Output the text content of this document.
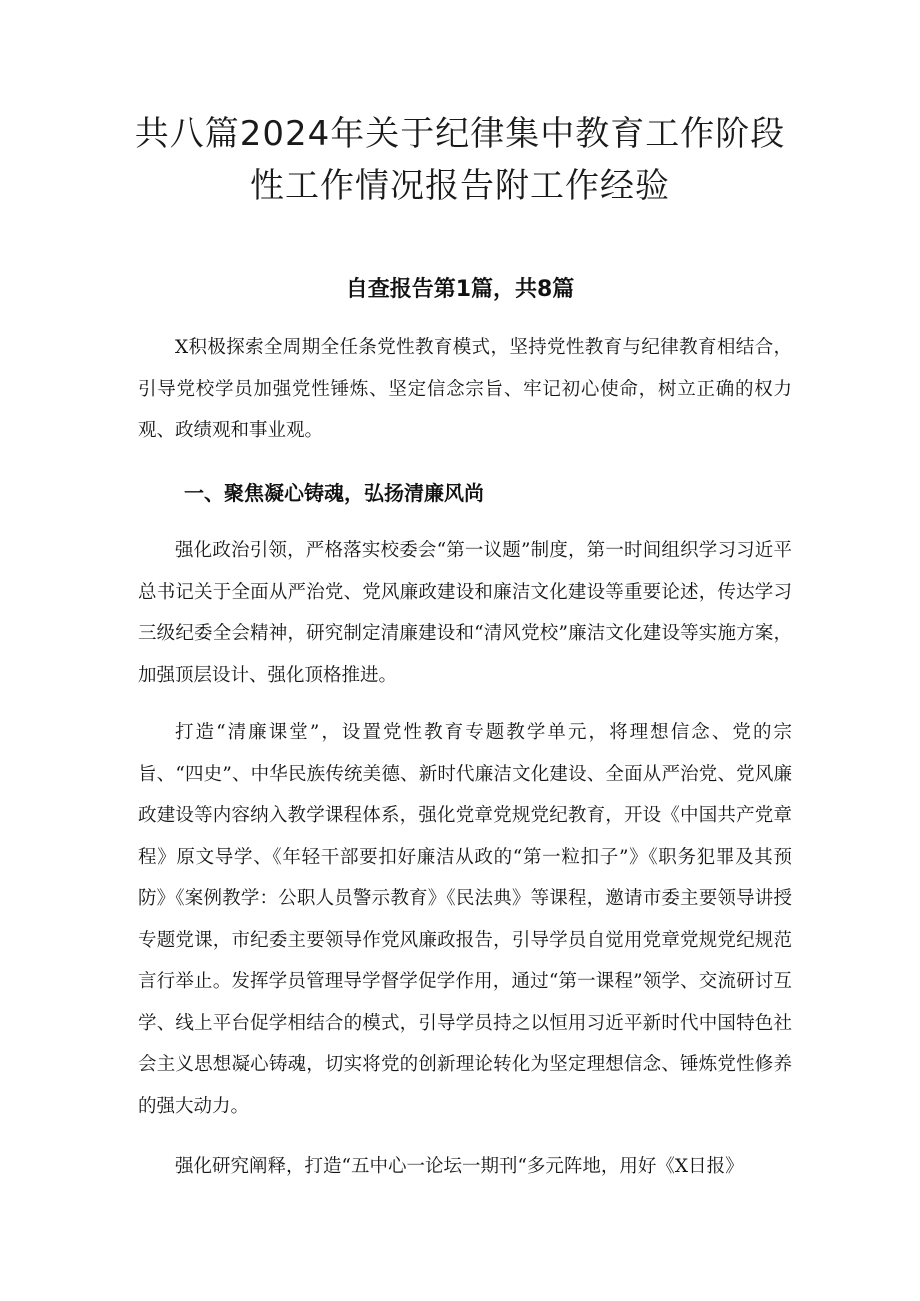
共八篇2024年关于纪律集中教育工作阶段性工作情况报告附工作经验
自查报告第1篇，共8篇

X积极探索全周期全任条党性教育模式，坚持党性教育与纪律教育相结合，引导党校学员加强党性锤炼、坚定信念宗旨、牢记初心使命，树立正确的权力观、政绩观和事业观。

一、聚焦凝心铸魂，弘扬清廉风尚

强化政治引领，严格落实校委会“第一议题”制度，第一时间组织学习习近平总书记关于全面从严治党、党风廉政建设和廉洁文化建设等重要论述，传达学习三级纪委全会精神，研究制定清廉建设和“清风党校”廉洁文化建设等实施方案，加强顶层设计、强化顶格推进。

打造“清廉课堂”，设置党性教育专题教学单元，将理想信念、党的宗旨、“四史”、中华民族传统美德、新时代廉洁文化建设、全面从严治党、党风廉政建设等内容纳入教学课程体系，强化党章党规党纪教育，开设《中国共产党章程》原文导学、《年轻干部要扣好廉洁从政的“第一粒扣子”》《职务犯罪及其预防》《案例教学：公职人员警示教育》《民法典》等课程，邀请市委主要领导讲授专题党课，市纪委主要领导作党风廉政报告，引导学员自觉用党章党规党纪规范言行举止。发挥学员管理导学督学促学作用，通过“第一课程”领学、交流研讨互学、线上平台促学相结合的模式，引导学员持之以恒用习近平新时代中国特色社会主义思想凝心铸魂，切实将党的创新理论转化为坚定理想信念、锤炼党性修养的强大动力。

强化研究阐释，打造“五中心一论坛一期刊“多元阵地，用好《X日报》
